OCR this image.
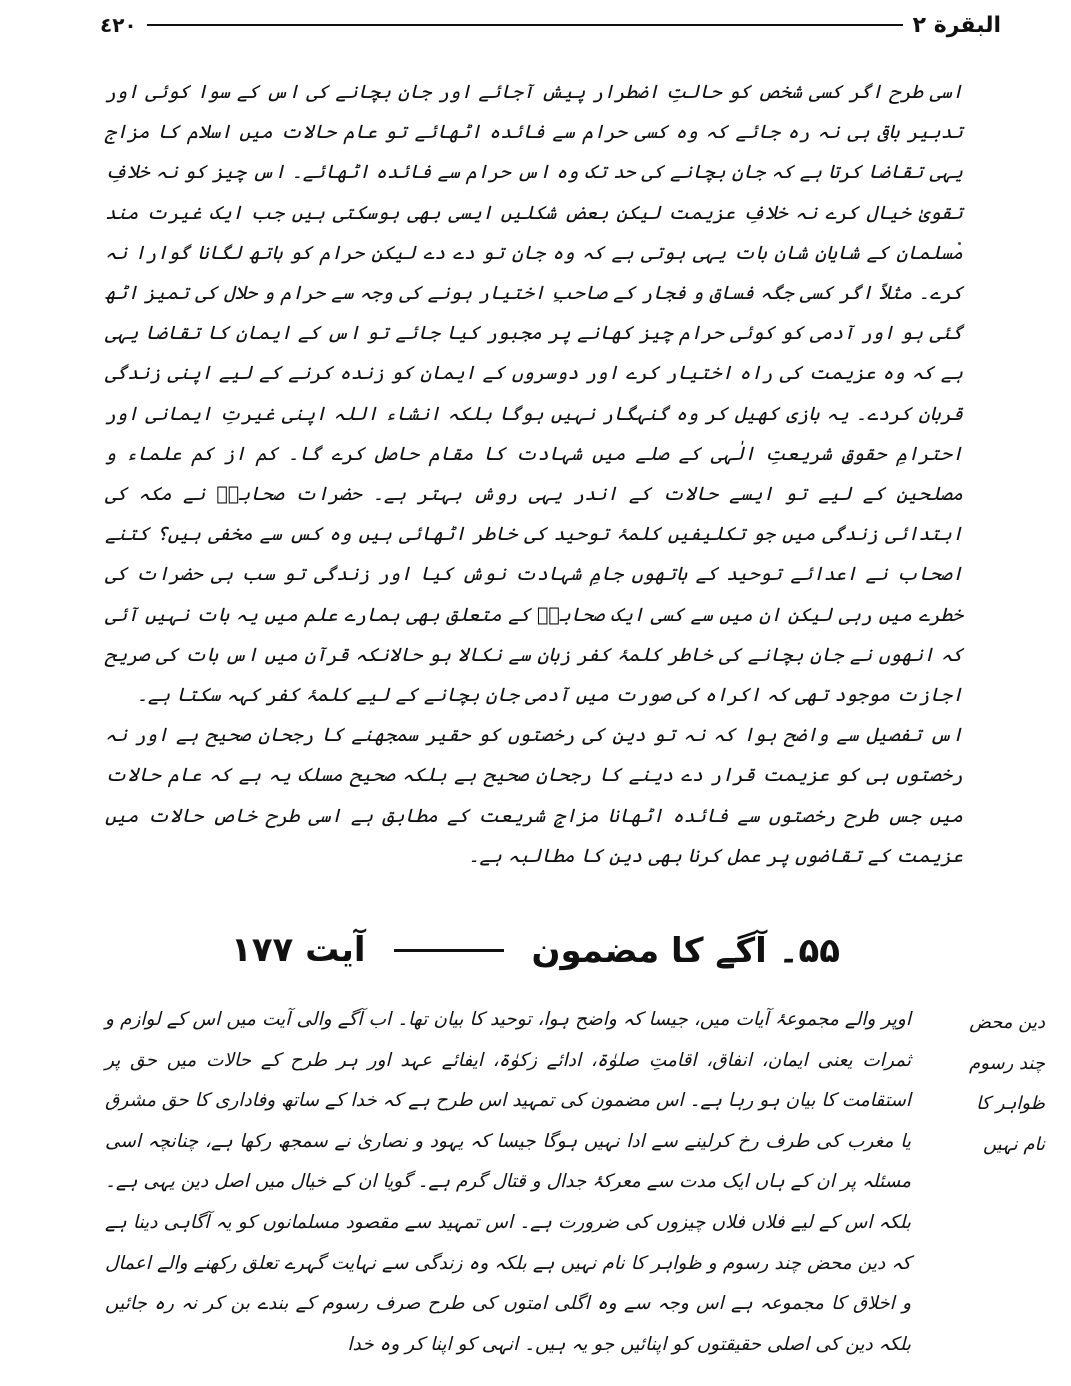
٤٢٠	البقرة ٢

اسی طرح اگر کسی شخص کو حالتِ اضطرار پیش آجائے اور جان بچانے کی اس کے سوا کوئی اور تدبیر باقی ہی نہ رہ جائے کہ وہ کسی حرام سے فائدہ اٹھائے تو عام حالات میں اسلام کا مزاج یہی تقاضا کرتا ہے کہ جان بچانے کی حد تک وہ اس حرام سے فائدہ اٹھائے۔ اس چیز کو نہ خلافِ تقویٰ خیال کرے نہ خلافِ عزیمت لیکن بعض شکلیں ایسی بھی ہوسکتی ہیں جب ایک غیرت مند مسلمان کے شایانِ شان بات یہی ہوتی ہے کہ وہ جان تو دے دے لیکن حرام کو ہاتھ لگانا گوارا نہ کرے۔ مثلاً اگر کسی جگہ فساق و فجار کے صاحبِ اختیار ہونے کی وجہ سے حرام و حلال کی تمیز اٹھ گئی ہو اور آدمی کو کوئی حرام چیز کھانے پر مجبور کیا جائے تو اس کے ایمان کا تقاضا یہی ہے کہ وہ عزیمت کی راہ اختیار کرے اور دوسروں کے ایمان کو زندہ کرنے کے لیے اپنی زندگی قربان کردے۔ یہ بازی کھیل کر وہ گنہگار نہیں ہوگا بلکہ انشاء اللہ اپنی غیرتِ ایمانی اور احترامِ حقوقِ شریعتِ الٰہی کے صلے میں شہادت کا مقام حاصل کرے گا۔ کم از کم علماء و مصلحین کے لیے تو ایسے حالات کے اندر یہی روش بہتر ہے۔ حضرات صحابہؓ نے مکہ کی ابتدائی زندگی میں جو تکلیفیں کلمۂ توحید کی خاطر اٹھائی ہیں وہ کس سے مخفی ہیں؟ کتنے اصحاب نے اعدائے توحید کے ہاتھوں جامِ شہادت نوش کیا اور زندگی تو سب ہی حضرات کی خطرے میں رہی لیکن ان میں سے کسی ایک صحابیؓ کے متعلق بھی ہمارے علم میں یہ بات نہیں آئی کہ انھوں نے جان بچانے کی خاطر کلمۂ کفر زبان سے نکالا ہو حالانکہ قرآن میں اس بات کی صریح اجازت موجود تھی کہ اکراہ کی صورت میں آدمی جان بچانے کے لیے کلمۂ کفر کہہ سکتا ہے۔

اس تفصیل سے واضح ہوا کہ نہ تو دین کی رخصتوں کو حقیر سمجھنے کا رجحان صحیح ہے اور نہ رخصتوں ہی کو عزیمت قرار دے دینے کا رجحان صحیح ہے بلکہ صحیح مسلک یہ ہے کہ عام حالات میں جس طرح رخصتوں سے فائدہ اٹھانا مزاجِ شریعت کے مطابق ہے اسی طرح خاص حالات میں عزیمت کے تقاضوں پر عمل کرنا بھی دین کا مطالبہ ہے۔

۵۵۔ آگے کا مضمون
آیت ۱۷۷

اوپر والے مجموعۂ آیات میں، جیسا کہ واضح ہوا، توحید کا بیان تھا۔ اب آگے والی آیت میں اس کے لوازم و ثمرات یعنی ایمان، انفاق، اقامتِ صلوٰۃ، ادائے زکوٰۃ، ایفائے عہد اور ہر طرح کے حالات میں حق پر استقامت کا بیان ہو رہا ہے۔ اس مضمون کی تمہید اس طرح ہے کہ خدا کے ساتھ وفاداری کا حق مشرق یا مغرب کی طرف رخ کرلینے سے ادا نہیں ہوگا جیسا کہ یہود و نصاریٰ نے سمجھ رکھا ہے، چنانچہ اسی مسئلہ پر ان کے ہاں ایک مدت سے معرکۂ جدال و قتال گرم ہے۔ گویا ان کے خیال میں اصل دین یہی ہے۔ بلکہ اس کے لیے فلاں فلاں چیزوں کی ضرورت ہے۔ اس تمہید سے مقصود مسلمانوں کو یہ آگاہی دینا ہے کہ دین محض چند رسوم و ظواہر کا نام نہیں ہے بلکہ وہ زندگی سے نہایت گہرے تعلق رکھنے والے اعمال و اخلاق کا مجموعہ ہے اس وجہ سے وہ اگلی امتوں کی طرح صرف رسوم کے بندے بن کر نہ رہ جائیں بلکہ دین کی اصلی حقیقتوں کو اپنائیں جو یہ ہیں۔ انہی کو اپنا کر وہ خدا

دین محض
چند رسوم
ظواہر کا
نام نہیں
